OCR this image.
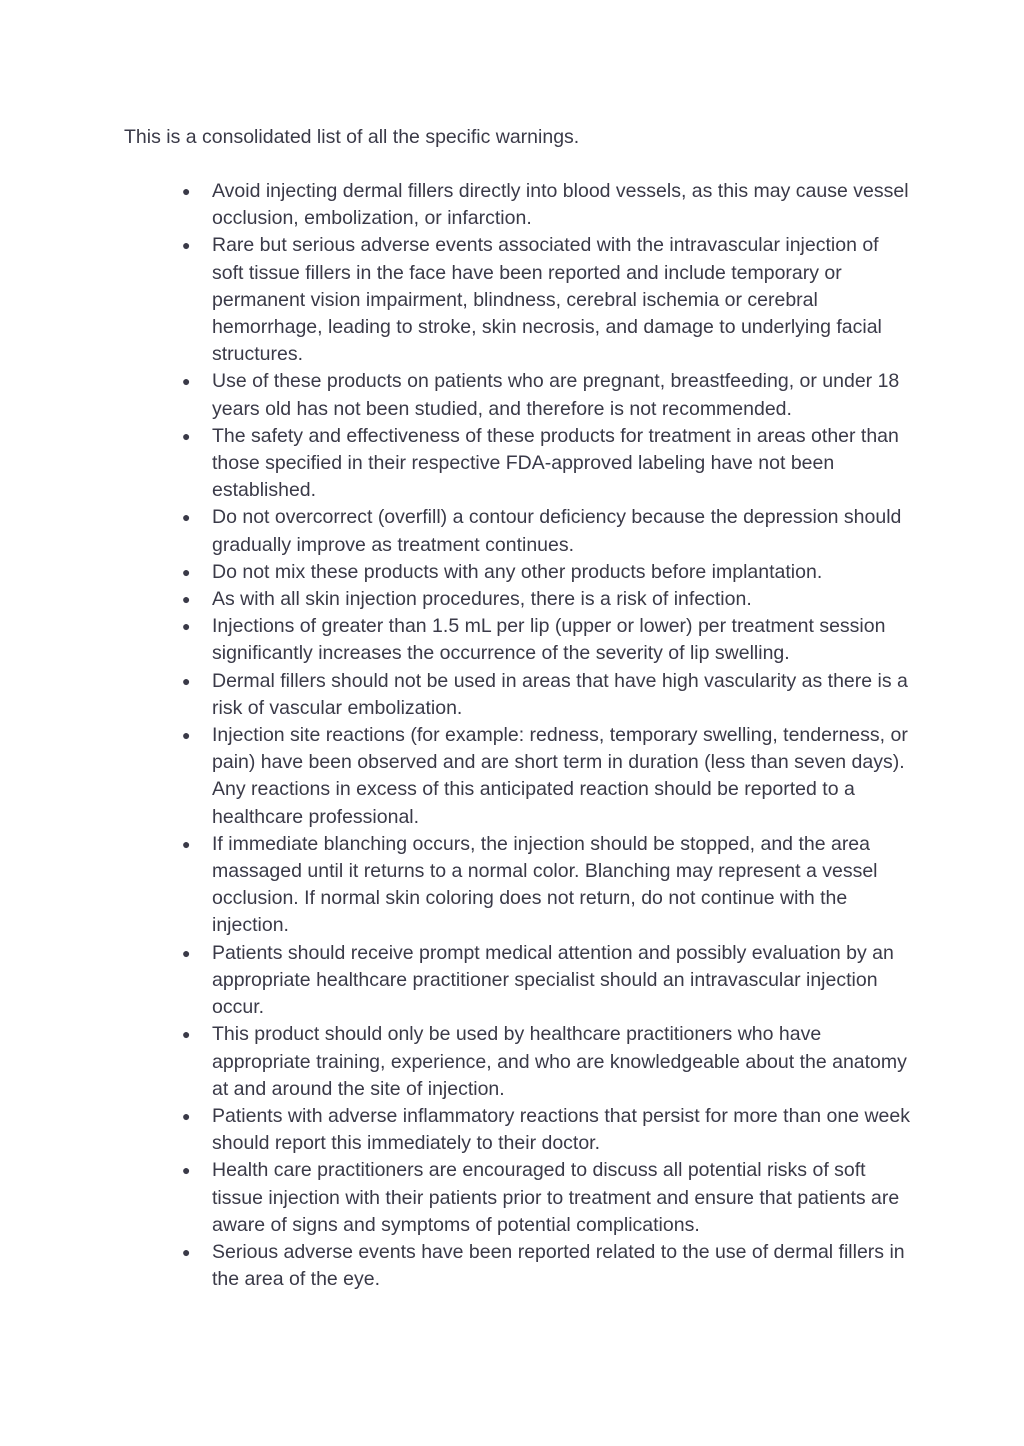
This is a consolidated list of all the specific warnings.

● Avoid injecting dermal fillers directly into blood vessels, as this may cause vessel occlusion, embolization, or infarction.
● Rare but serious adverse events associated with the intravascular injection of soft tissue fillers in the face have been reported and include temporary or permanent vision impairment, blindness, cerebral ischemia or cerebral hemorrhage, leading to stroke, skin necrosis, and damage to underlying facial structures.
● Use of these products on patients who are pregnant, breastfeeding, or under 18 years old has not been studied, and therefore is not recommended.
● The safety and effectiveness of these products for treatment in areas other than those specified in their respective FDA-approved labeling have not been established.
● Do not overcorrect (overfill) a contour deficiency because the depression should gradually improve as treatment continues.
● Do not mix these products with any other products before implantation.
● As with all skin injection procedures, there is a risk of infection.
● Injections of greater than 1.5 mL per lip (upper or lower) per treatment session significantly increases the occurrence of the severity of lip swelling.
● Dermal fillers should not be used in areas that have high vascularity as there is a risk of vascular embolization.
● Injection site reactions (for example: redness, temporary swelling, tenderness, or pain) have been observed and are short term in duration (less than seven days). Any reactions in excess of this anticipated reaction should be reported to a healthcare professional.
● If immediate blanching occurs, the injection should be stopped, and the area massaged until it returns to a normal color. Blanching may represent a vessel occlusion. If normal skin coloring does not return, do not continue with the injection.
● Patients should receive prompt medical attention and possibly evaluation by an appropriate healthcare practitioner specialist should an intravascular injection occur.
● This product should only be used by healthcare practitioners who have appropriate training, experience, and who are knowledgeable about the anatomy at and around the site of injection.
● Patients with adverse inflammatory reactions that persist for more than one week should report this immediately to their doctor.
● Health care practitioners are encouraged to discuss all potential risks of soft tissue injection with their patients prior to treatment and ensure that patients are aware of signs and symptoms of potential complications.
● Serious adverse events have been reported related to the use of dermal fillers in the area of the eye.
